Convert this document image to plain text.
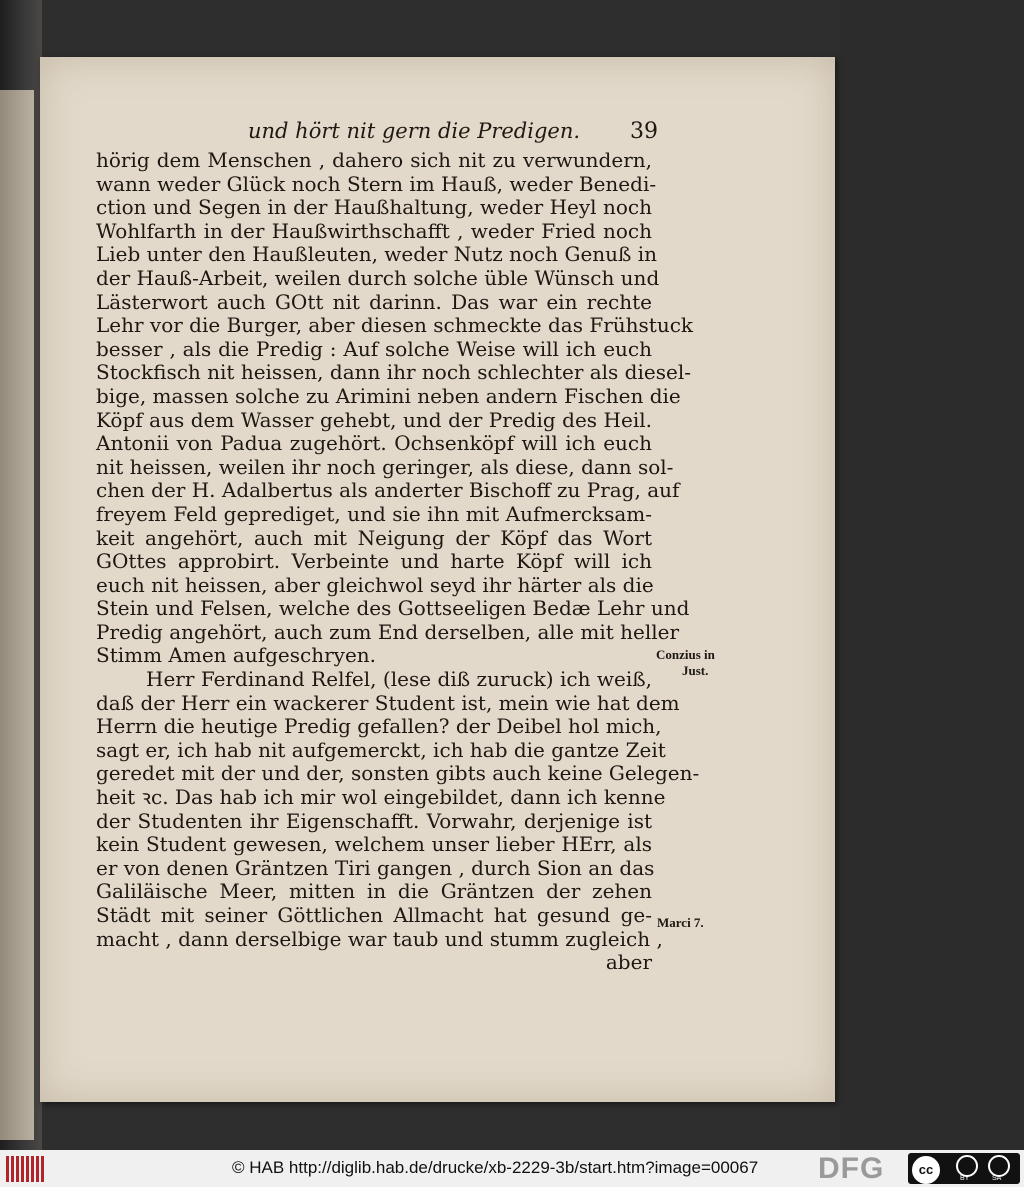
und hört nit gern die Predigen.	39
hörig dem Menschen , dahero sich nit zu verwundern,
wann weder Glück noch Stern im Hauß, weder Benedi-
ction und Segen in der Haußhaltung, weder Heyl noch
Wohlfarth in der Haußwirthschafft , weder Fried noch
Lieb unter den Haußleuten, weder Nutz noch Genuß in
der Hauß-Arbeit, weilen durch solche üble Wünsch und
Lästerwort auch GOtt nit darinn. Das war ein rechte
Lehr vor die Burger, aber diesen schmeckte das Frühstuck
besser , als die Predig : Auf solche Weise will ich euch
Stockfisch nit heissen, dann ihr noch schlechter als diesel-
bige, massen solche zu Arimini neben andern Fischen die
Köpf aus dem Wasser gehebt, und der Predig des Heil.
Antonii von Padua zugehört. Ochsenköpf will ich euch
nit heissen, weilen ihr noch geringer, als diese, dann sol-
chen der H. Adalbertus als anderter Bischoff zu Prag, auf
freyem Feld geprediget, und sie ihn mit Aufmercksam-
keit angehört, auch mit Neigung der Köpf das Wort
GOttes approbirt. Verbeinte und harte Köpf will ich
euch nit heissen, aber gleichwol seyd ihr härter als die
Stein und Felsen, welche des Gottseeligen Bedæ Lehr und
Predig angehört, auch zum End derselben, alle mit heller
Stimm Amen aufgeschryen.
Herr Ferdinand Relfel, (lese diß zuruck) ich weiß,
daß der Herr ein wackerer Student ist, mein wie hat dem
Herrn die heutige Predig gefallen? der Deibel hol mich,
sagt er, ich hab nit aufgemerckt, ich hab die gantze Zeit
geredet mit der und der, sonsten gibts auch keine Gelegen-
heit ꝛc. Das hab ich mir wol eingebildet, dann ich kenne
der Studenten ihr Eigenschafft. Vorwahr, derjenige ist
kein Student gewesen, welchem unser lieber HErr, als
er von denen Gräntzen Tiri gangen , durch Sion an das
Galiläische Meer, mitten in die Gräntzen der zehen
Städt mit seiner Göttlichen Allmacht hat gesund ge-
macht , dann derselbige war taub und stumm zugleich ,
aber
Conzius in
Just.
Marci 7.
© HAB http://diglib.hab.de/drucke/xb-2229-3b/start.htm?image=00067 DFG	cc
BY	SA
